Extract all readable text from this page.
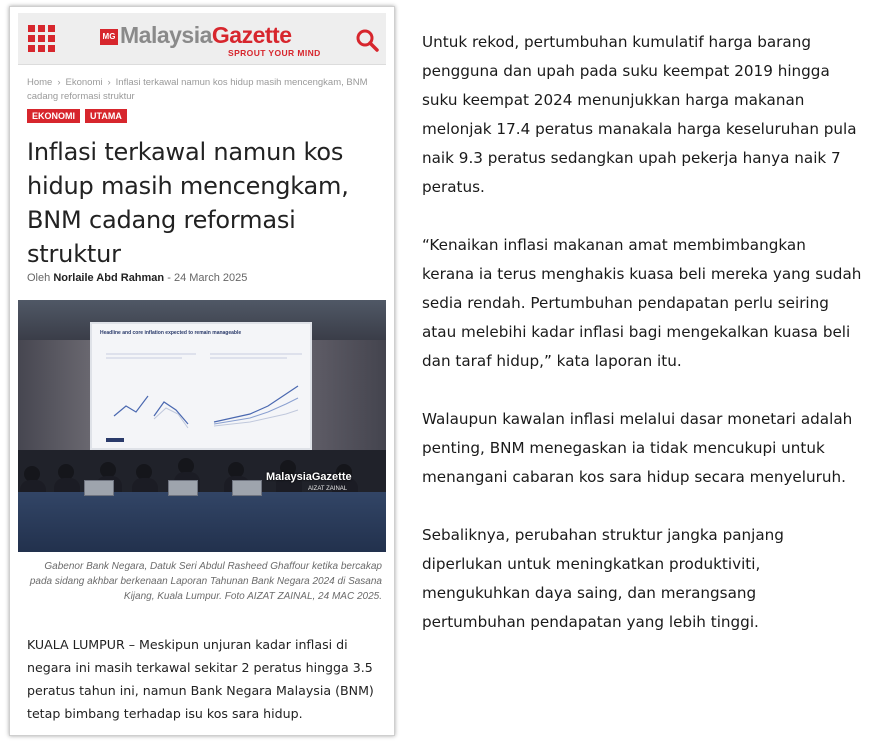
MG MalaysiaGazette
SPROUT YOUR MIND
Home › Ekonomi › Inflasi terkawal namun kos hidup masih mencengkam, BNM cadang reformasi struktur
EKONOMI	UTAMA
Inflasi terkawal namun kos hidup masih mencengkam, BNM cadang reformasi struktur
Oleh Norlaile Abd Rahman - 24 March 2025
Headline and core inflation expected to remain manageable
MalaysiaGazette
AIZAT ZAINAL

Gabenor Bank Negara, Datuk Seri Abdul Rasheed Ghaffour ketika bercakap pada sidang akhbar berkenaan Laporan Tahunan Bank Negara 2024 di Sasana Kijang, Kuala Lumpur. Foto AIZAT ZAINAL, 24 MAC 2025.

KUALA LUMPUR – Meskipun unjuran kadar inflasi di negara ini masih terkawal sekitar 2 peratus hingga 3.5 peratus tahun ini, namun Bank Negara Malaysia (BNM) tetap bimbang terhadap isu kos sara hidup.

Untuk rekod, pertumbuhan kumulatif harga barang pengguna dan upah pada suku keempat 2019 hingga suku keempat 2024 menunjukkan harga makanan melonjak 17.4 peratus manakala harga keseluruhan pula naik 9.3 peratus sedangkan upah pekerja hanya naik 7 peratus.

“Kenaikan inflasi makanan amat membimbangkan kerana ia terus menghakis kuasa beli mereka yang sudah sedia rendah. Pertumbuhan pendapatan perlu seiring atau melebihi kadar inflasi bagi mengekalkan kuasa beli dan taraf hidup,” kata laporan itu.

Walaupun kawalan inflasi melalui dasar monetari adalah penting, BNM menegaskan ia tidak mencukupi untuk menangani cabaran kos sara hidup secara menyeluruh.

Sebaliknya, perubahan struktur jangka panjang diperlukan untuk meningkatkan produktiviti, mengukuhkan daya saing, dan merangsang pertumbuhan pendapatan yang lebih tinggi.
